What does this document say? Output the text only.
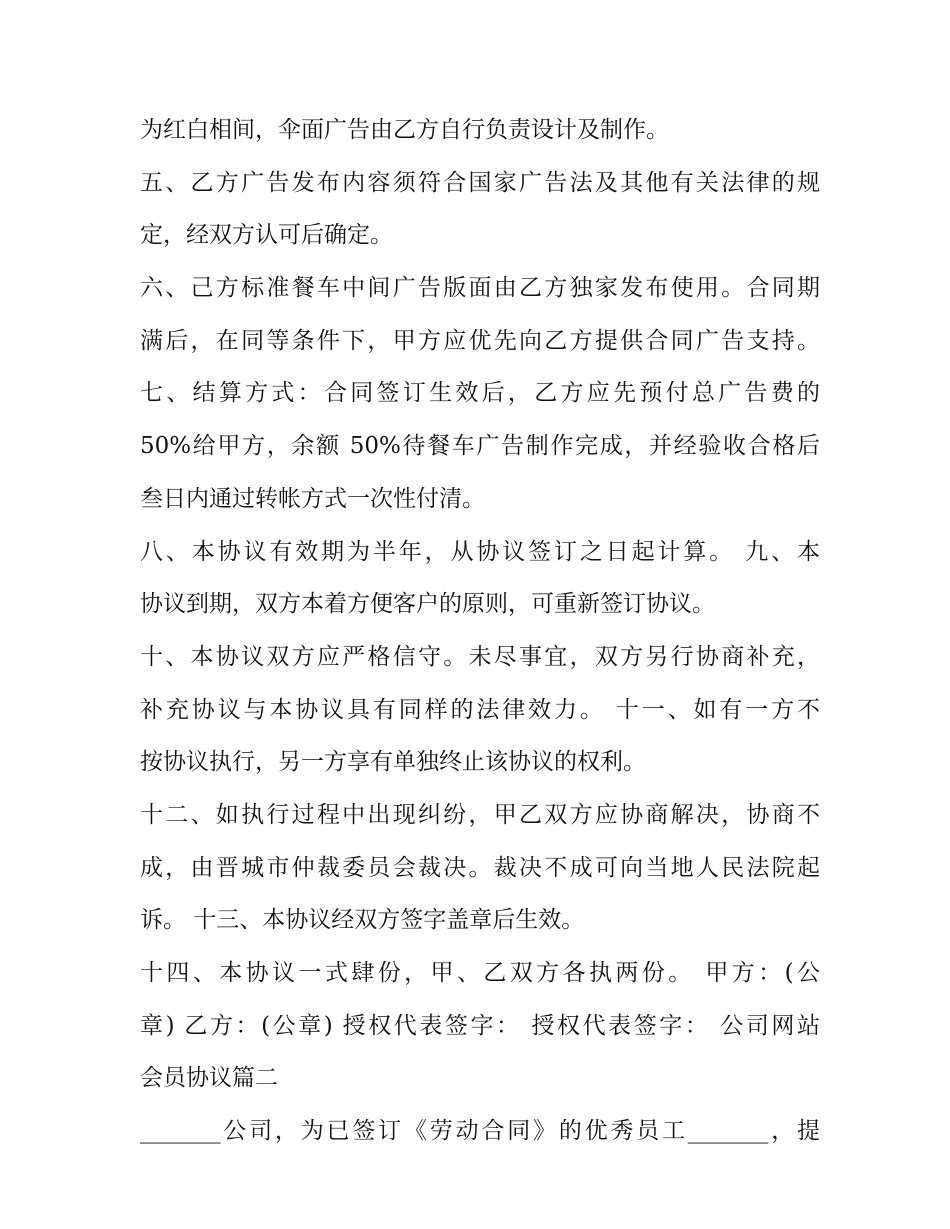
为红白相间，伞面广告由乙方自行负责设计及制作。
五、乙方广告发布内容须符合国家广告法及其他有关法律的规
定，经双方认可后确定。
六、己方标准餐车中间广告版面由乙方独家发布使用。合同期
满后，在同等条件下，甲方应优先向乙方提供合同广告支持。
七、结算方式：合同签订生效后，乙方应先预付总广告费的
50%给甲方，余额 50%待餐车广告制作完成，并经验收合格后
叁日内通过转帐方式一次性付清。
八、本协议有效期为半年，从协议签订之日起计算。 九、本
协议到期，双方本着方便客户的原则，可重新签订协议。
十、本协议双方应严格信守。未尽事宜，双方另行协商补充，
补充协议与本协议具有同样的法律效力。 十一、如有一方不
按协议执行，另一方享有单独终止该协议的权利。
十二、如执行过程中出现纠纷，甲乙双方应协商解决，协商不
成，由晋城市仲裁委员会裁决。裁决不成可向当地人民法院起
诉。 十三、本协议经双方签字盖章后生效。
十四、本协议一式肆份，甲、乙双方各执两份。 甲方：(公
章) 乙方：(公章) 授权代表签字： 授权代表签字： 公司网站
会员协议篇二
_______公司，为已签订《劳动合同》的优秀员工_______，提
